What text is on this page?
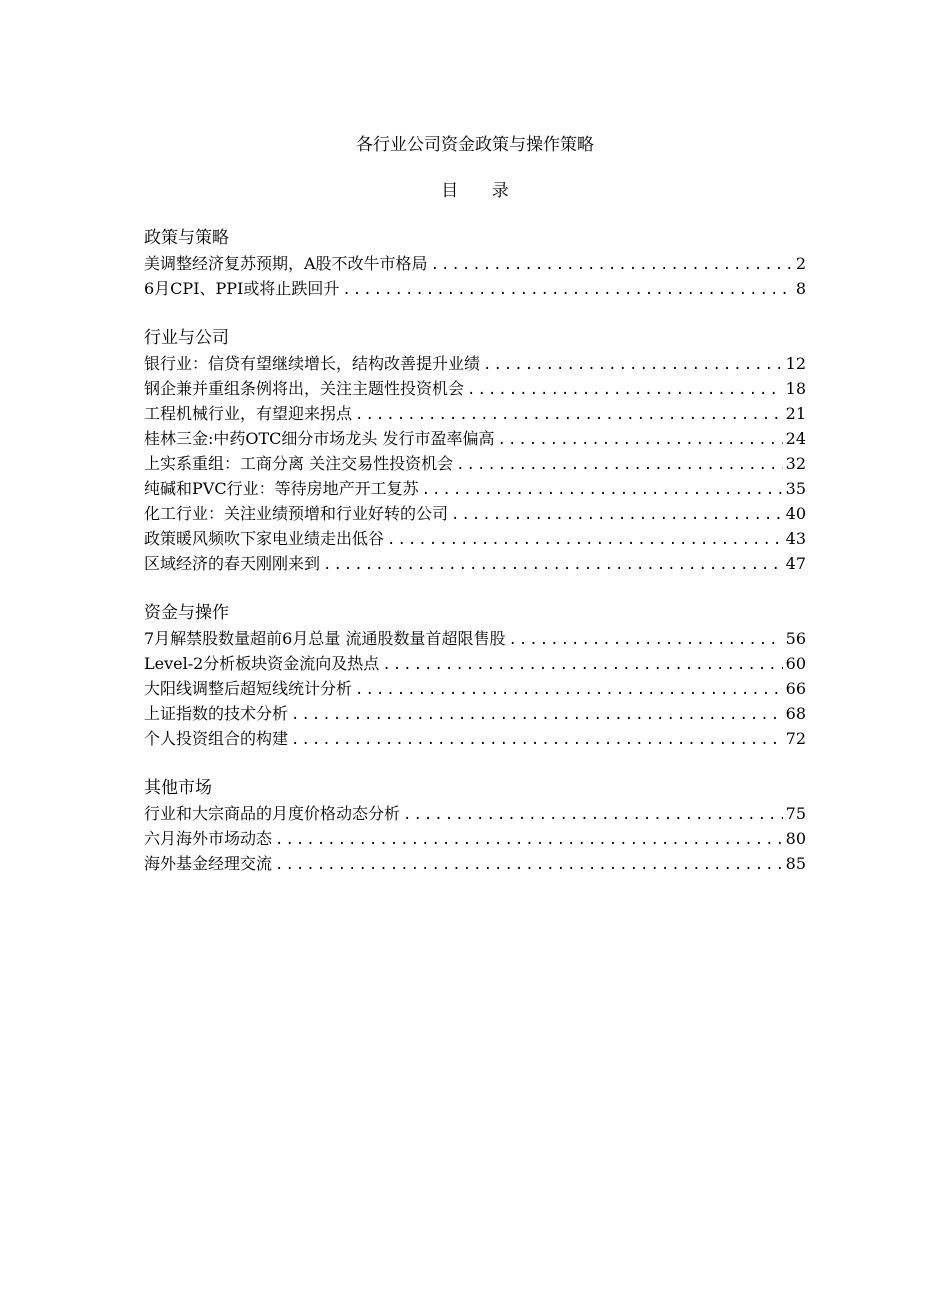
各行业公司资金政策与操作策略
目 录
政策与策略
美调整经济复苏预期，A股不改牛市格局 .....	2
6月CPI、PPI或将止跌回升 .....	8
行业与公司
银行业：信贷有望继续增长，结构改善提升业绩 .....	12
钢企兼并重组条例将出，关注主题性投资机会 .....	18
工程机械行业，有望迎来拐点 .....	21
桂林三金:中药OTC细分市场龙头 发行市盈率偏高 .....	24
上实系重组：工商分离 关注交易性投资机会 .....	32
纯碱和PVC行业：等待房地产开工复苏 .....	35
化工行业：关注业绩预增和行业好转的公司 .....	40
政策暖风频吹下家电业绩走出低谷 .....	43
区域经济的春天刚刚来到 .....	47
资金与操作
7月解禁股数量超前6月总量 流通股数量首超限售股 .....	56
Level-2分析板块资金流向及热点 .....	60
大阳线调整后超短线统计分析 .....	66
上证指数的技术分析 .....	68
个人投资组合的构建 .....	72
其他市场
行业和大宗商品的月度价格动态分析 .....	75
六月海外市场动态 .....	80
海外基金经理交流 .....	85
